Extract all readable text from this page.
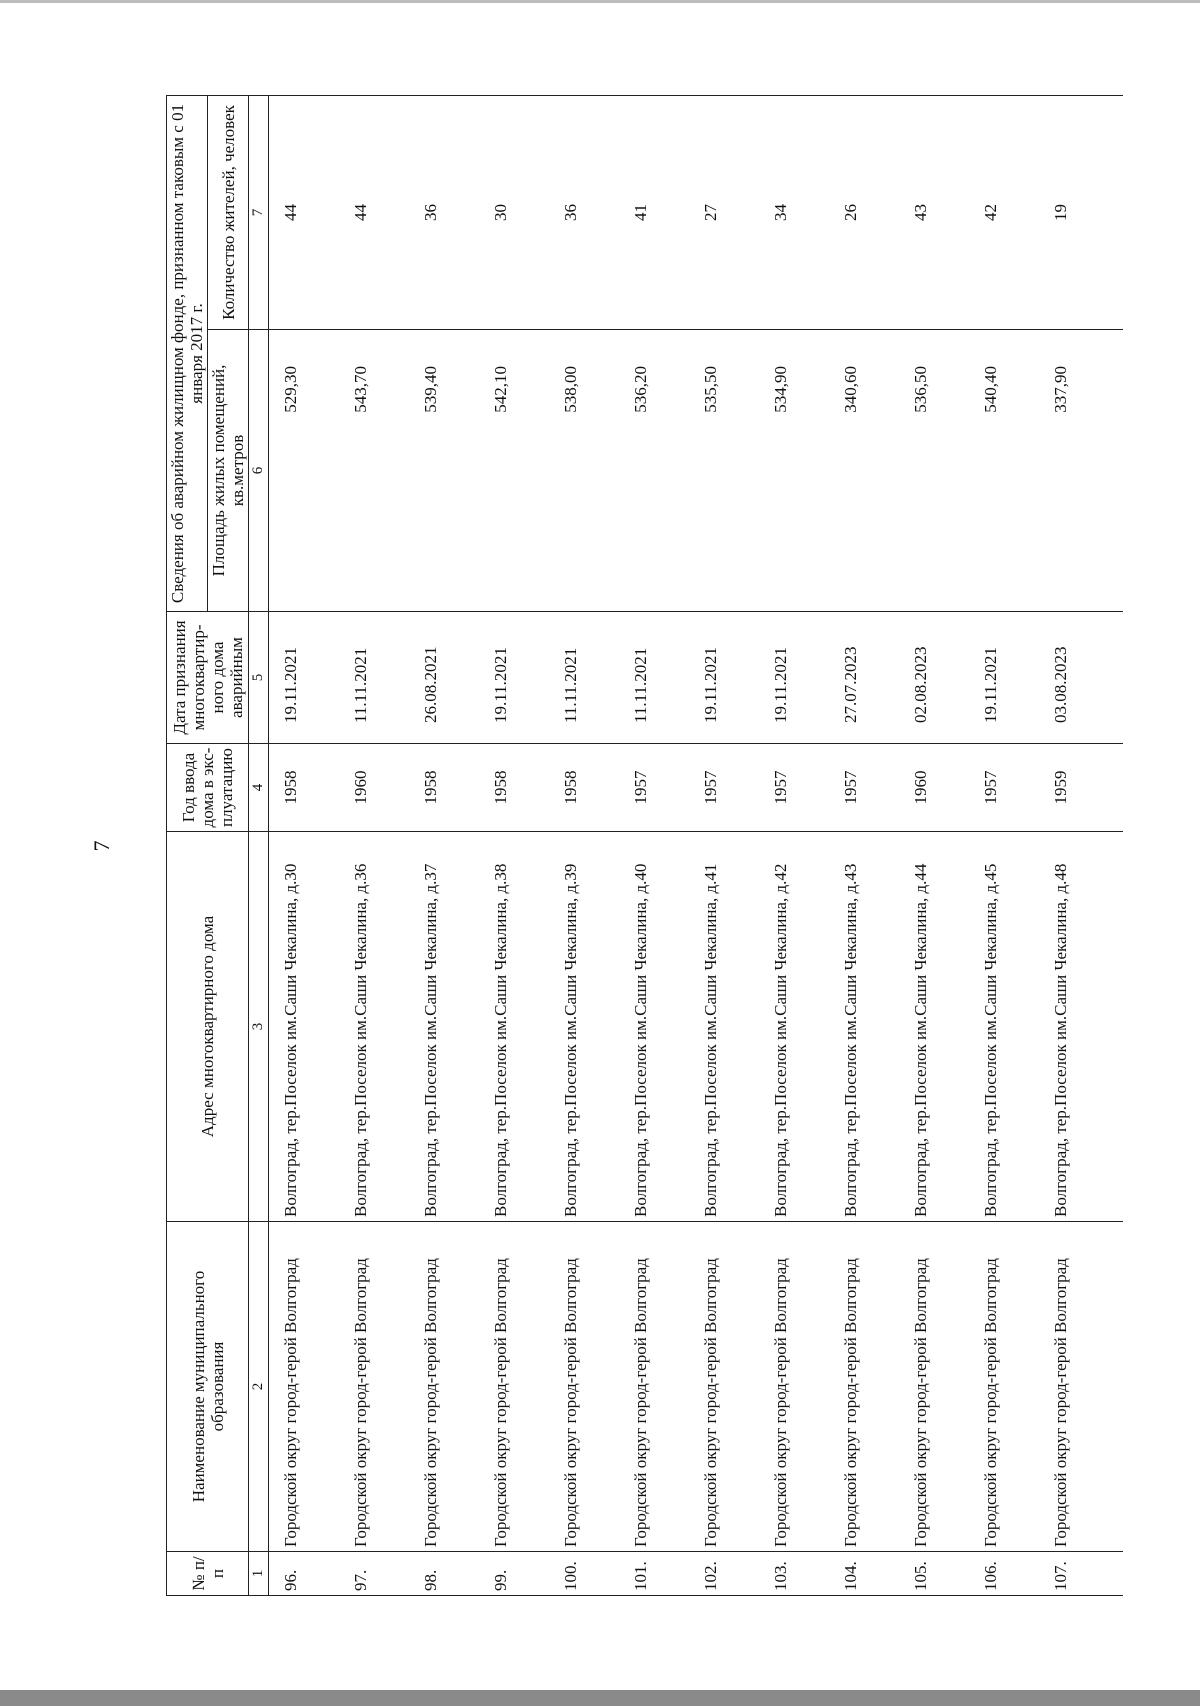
7
№ п/п	Наименование муниципального образования	Адрес многоквартирного дома	Год ввода дома в экс-плуатацию	Дата признания многоквартир-ного дома аварийным	Сведения об аварийном жилищном фонде, признанном таковым с 01 января 2017 г.	
					Площадь жилых помещений, кв.метров	Количество жителей, человек
1	2	3	4	5	6	7
96.	Городской округ город-герой Волгоград	Волгоград, тер.Поселок им.Саши Чекалина, д.30	1958	19.11.2021	529,30	44
97.	Городской округ город-герой Волгоград	Волгоград, тер.Поселок им.Саши Чекалина, д.36	1960	11.11.2021	543,70	44
98.	Городской округ город-герой Волгоград	Волгоград, тер.Поселок им.Саши Чекалина, д.37	1958	26.08.2021	539,40	36
99.	Городской округ город-герой Волгоград	Волгоград, тер.Поселок им.Саши Чекалина, д.38	1958	19.11.2021	542,10	30
100.	Городской округ город-герой Волгоград	Волгоград, тер.Поселок им.Саши Чекалина, д.39	1958	11.11.2021	538,00	36
101.	Городской округ город-герой Волгоград	Волгоград, тер.Поселок им.Саши Чекалина, д.40	1957	11.11.2021	536,20	41
102.	Городской округ город-герой Волгоград	Волгоград, тер.Поселок им.Саши Чекалина, д.41	1957	19.11.2021	535,50	27
103.	Городской округ город-герой Волгоград	Волгоград, тер.Поселок им.Саши Чекалина, д.42	1957	19.11.2021	534,90	34
104.	Городской округ город-герой Волгоград	Волгоград, тер.Поселок им.Саши Чекалина, д.43	1957	27.07.2023	340,60	26
105.	Городской округ город-герой Волгоград	Волгоград, тер.Поселок им.Саши Чекалина, д.44	1960	02.08.2023	536,50	43
106.	Городской округ город-герой Волгоград	Волгоград, тер.Поселок им.Саши Чекалина, д.45	1957	19.11.2021	540,40	42
107.	Городской округ город-герой Волгоград	Волгоград, тер.Поселок им.Саши Чекалина, д.48	1959	03.08.2023	337,90	19
